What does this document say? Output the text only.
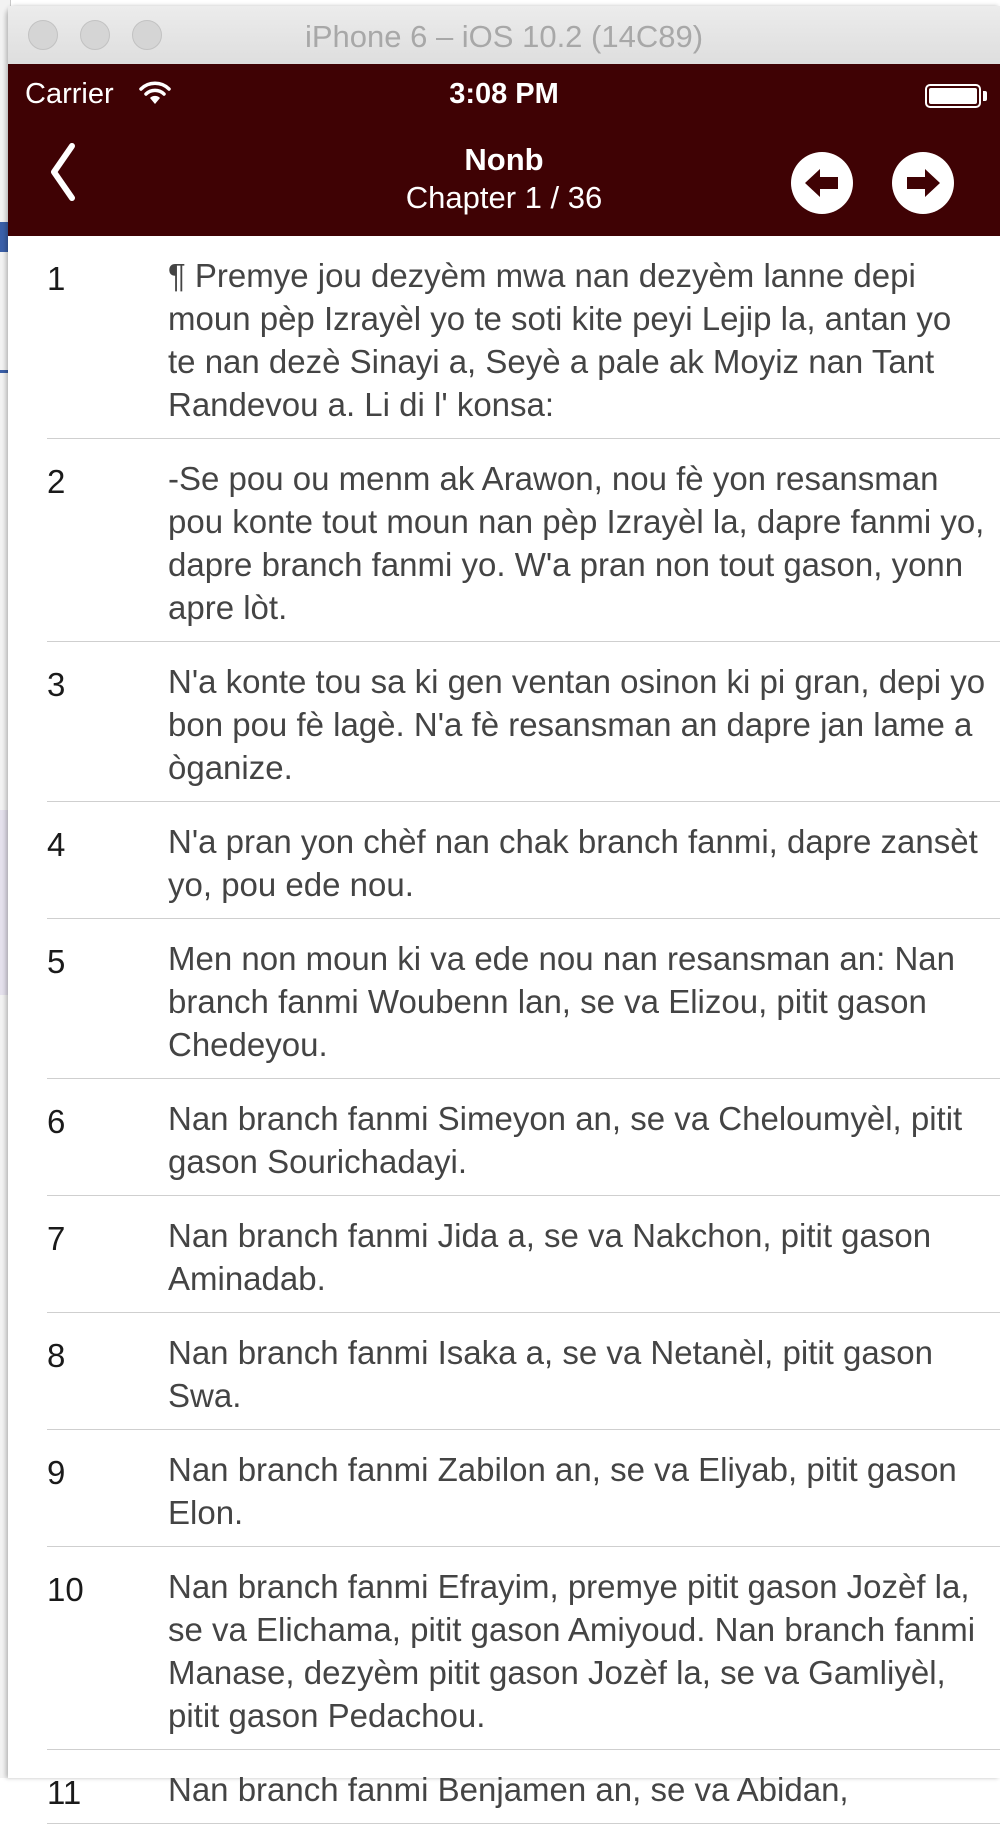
iPhone 6 – iOS 10.2 (14C89)
Carrier	3:08 PM
Nonb
Chapter 1 / 36
1	¶ Premye jou dezyèm mwa nan dezyèm lanne depi moun pèp Izrayèl yo te soti kite peyi Lejip la, antan yo te nan dezè Sinayi a, Seyè a pale ak Moyiz nan Tant Randevou a. Li di l' konsa:
2	-Se pou ou menm ak Arawon, nou fè yon resansman pou konte tout moun nan pèp Izrayèl la, dapre fanmi yo, dapre branch fanmi yo. W'a pran non tout gason, yonn apre lòt.
3	N'a konte tou sa ki gen ventan osinon ki pi gran, depi yo bon pou fè lagè. N'a fè resansman an dapre jan lame a òganize.
4	N'a pran yon chèf nan chak branch fanmi, dapre zansèt yo, pou ede nou.
5	Men non moun ki va ede nou nan resansman an: Nan branch fanmi Woubenn lan, se va Elizou, pitit gason Chedeyou.
6	Nan branch fanmi Simeyon an, se va Cheloumyèl, pitit gason Sourichadayi.
7	Nan branch fanmi Jida a, se va Nakchon, pitit gason Aminadab.
8	Nan branch fanmi Isaka a, se va Netanèl, pitit gason Swa.
9	Nan branch fanmi Zabilon an, se va Eliyab, pitit gason Elon.
10	Nan branch fanmi Efrayim, premye pitit gason Jozèf la, se va Elichama, pitit gason Amiyoud. Nan branch fanmi Manase, dezyèm pitit gason Jozèf la, se va Gamliyèl, pitit gason Pedachou.
11	Nan branch fanmi Benjamen an, se va Abidan,
